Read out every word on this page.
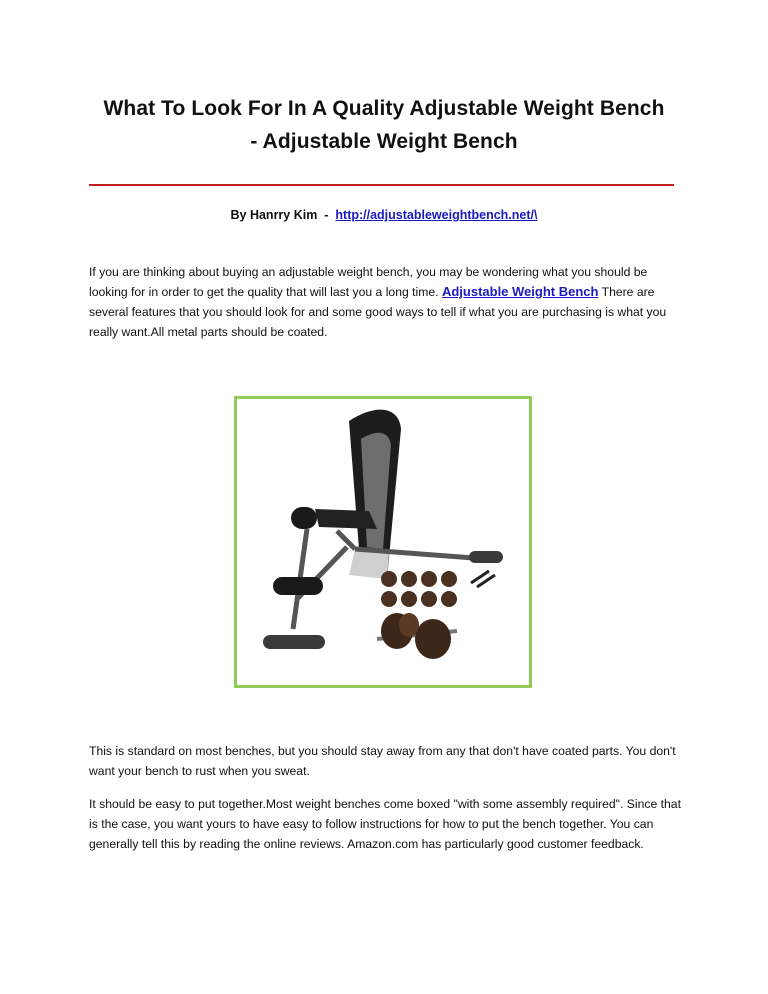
What To Look For In A Quality Adjustable Weight Bench
- Adjustable Weight Bench
By Hanrry Kim  -  http://adjustableweightbench.net/\

If you are thinking about buying an adjustable weight bench, you may be wondering what you should be looking for in order to get the quality that will last you a long time. Adjustable Weight Bench There are several features that you should look for and some good ways to tell if what you are purchasing is what you really want.All metal parts should be coated.

This is standard on most benches, but you should stay away from any that don't have coated parts. You don't want your bench to rust when you sweat.

It should be easy to put together.Most weight benches come boxed "with some assembly required". Since that is the case, you want yours to have easy to follow instructions for how to put the bench together. You can generally tell this by reading the online reviews. Amazon.com has particularly good customer feedback.
